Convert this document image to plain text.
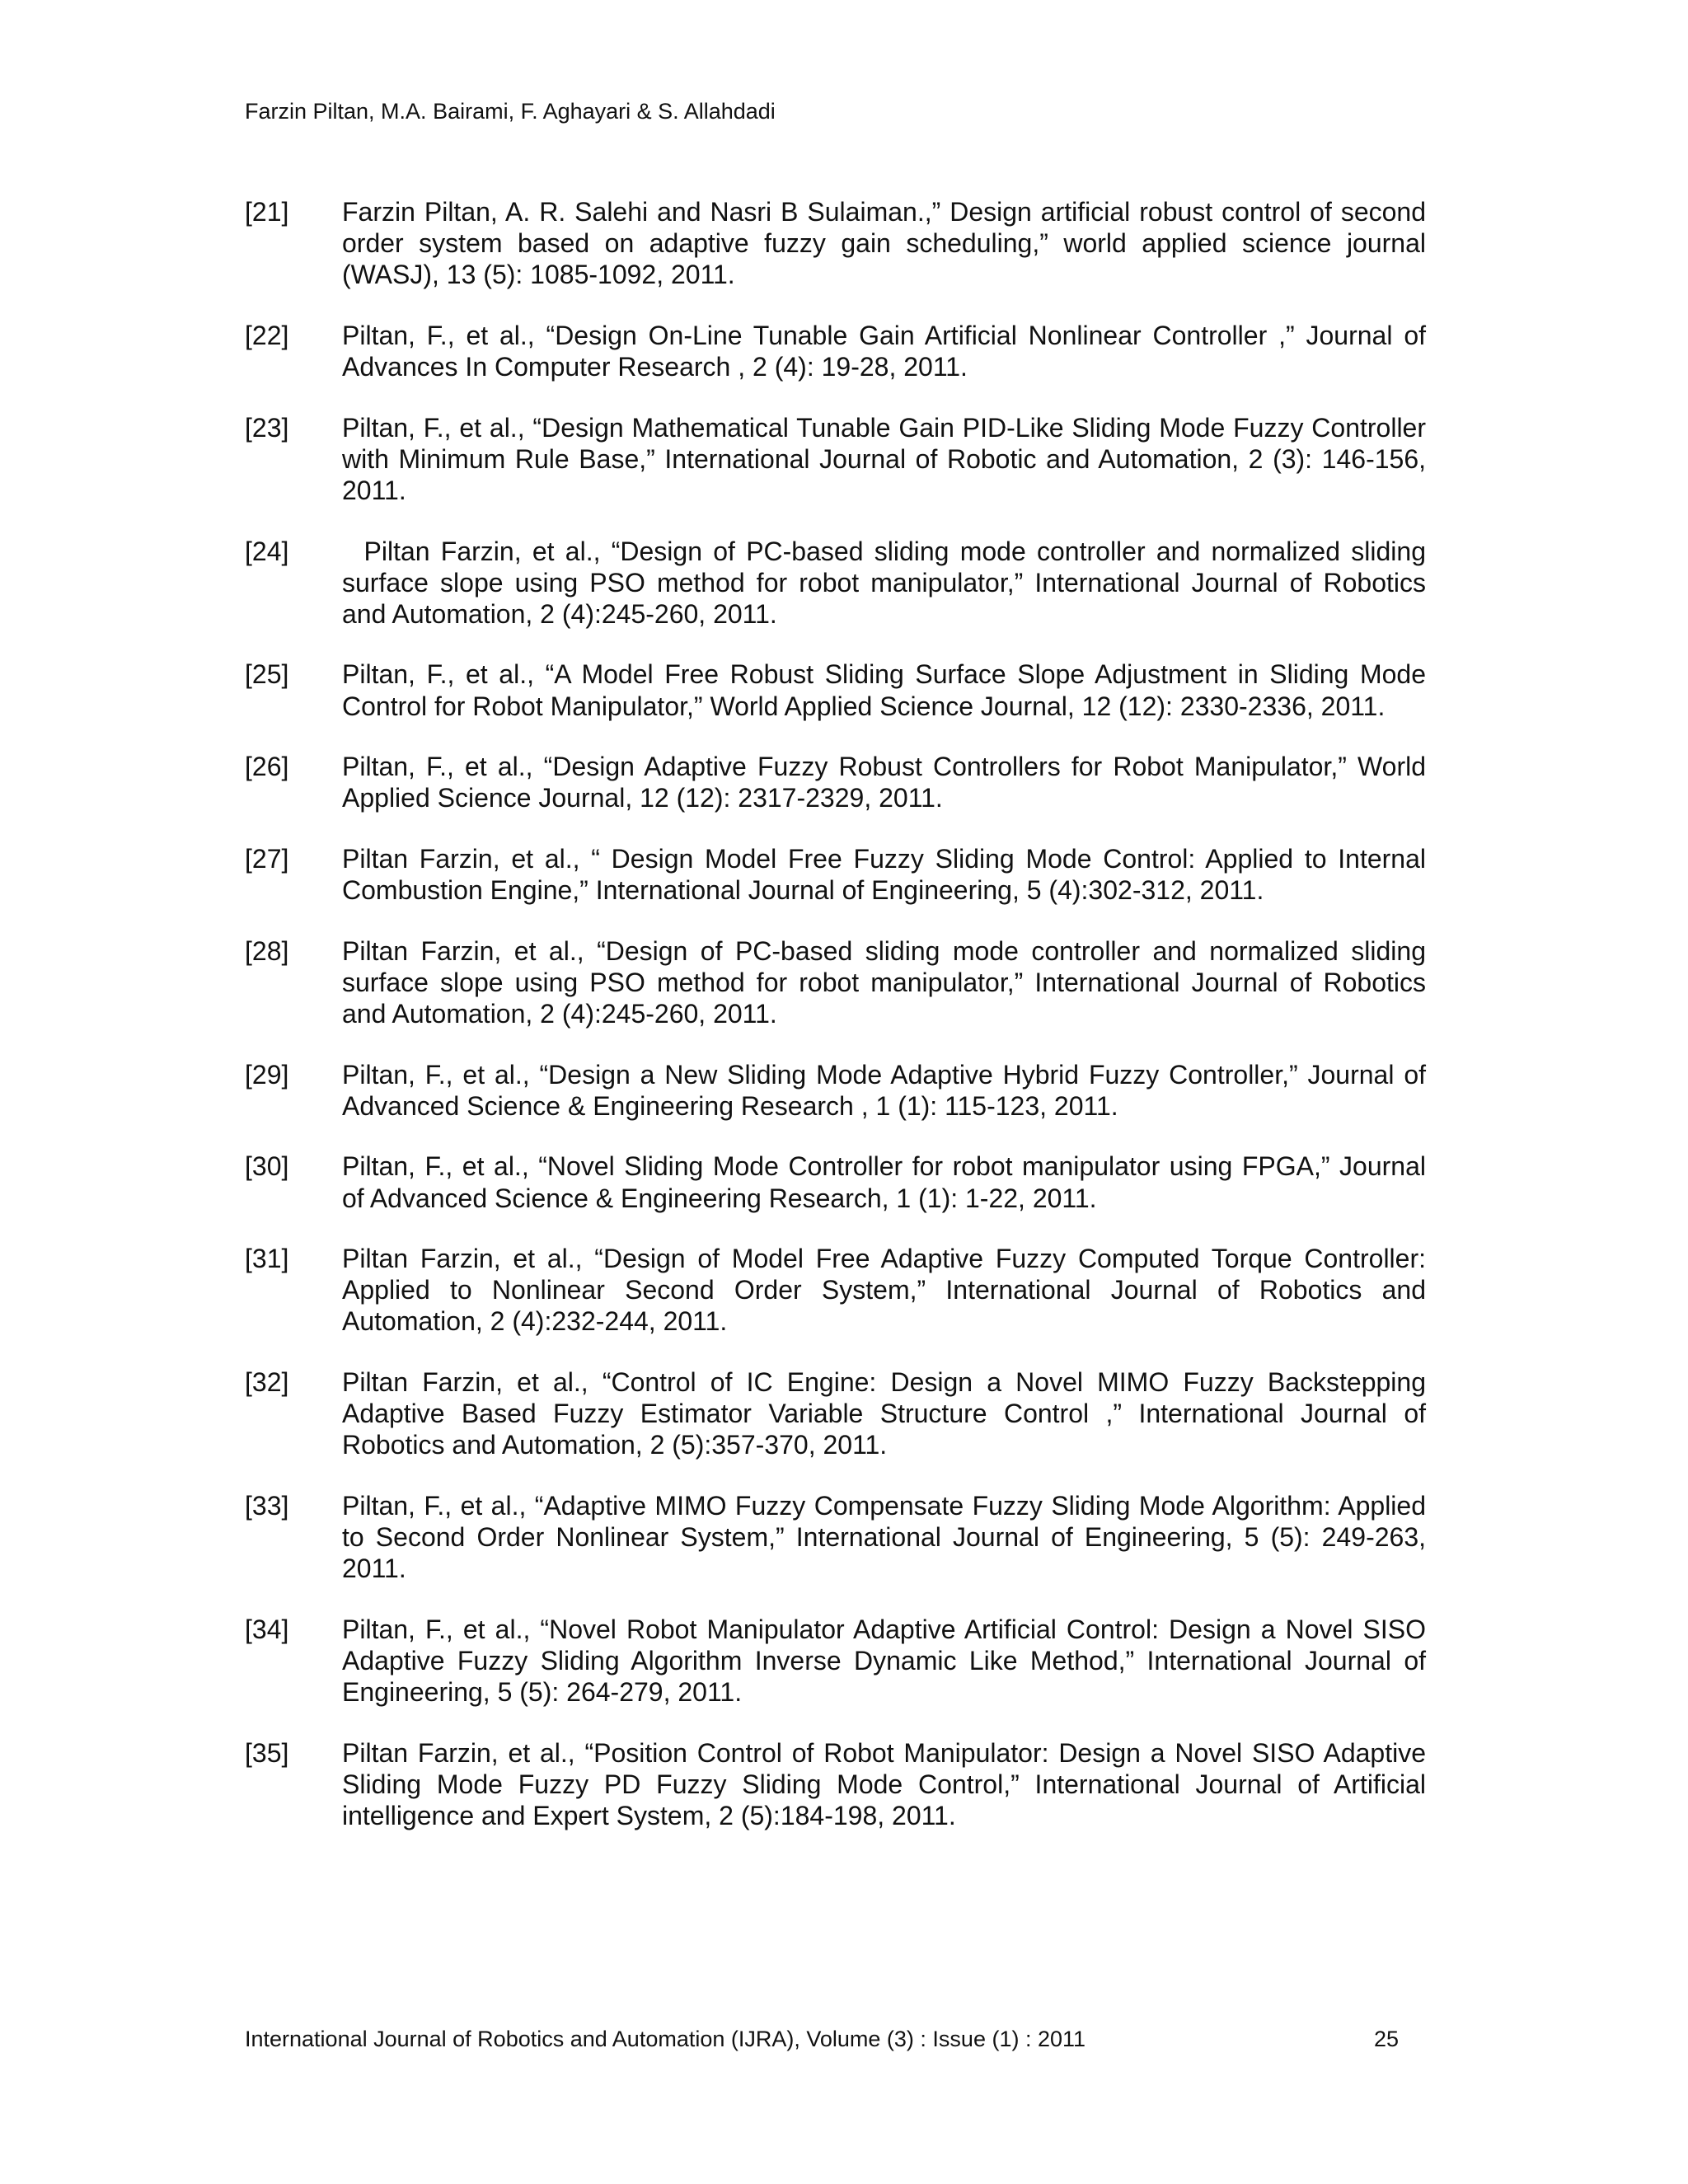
Farzin Piltan, M.A. Bairami, F. Aghayari & S. Allahdadi
[21]	Farzin Piltan, A. R. Salehi and Nasri B Sulaiman.,” Design artificial robust control of second order system based on adaptive fuzzy gain scheduling,” world applied science journal (WASJ), 13 (5): 1085-1092, 2011.
[22]	Piltan, F., et al., “Design On-Line Tunable Gain Artificial Nonlinear Controller ,” Journal of Advances In Computer Research , 2 (4): 19-28, 2011.
[23]	Piltan, F., et al., “Design Mathematical Tunable Gain PID-Like Sliding Mode Fuzzy Controller with Minimum Rule Base,” International Journal of Robotic and Automation, 2 (3): 146-156, 2011.
[24]	Piltan Farzin, et al., “Design of PC-based sliding mode controller and normalized sliding surface slope using PSO method for robot manipulator,” International Journal of Robotics and Automation, 2 (4):245-260, 2011.
[25]	Piltan, F., et al., “A Model Free Robust Sliding Surface Slope Adjustment in Sliding Mode Control for Robot Manipulator,” World Applied Science Journal, 12 (12): 2330-2336, 2011.
[26]	Piltan, F., et al., “Design Adaptive Fuzzy Robust Controllers for Robot Manipulator,” World Applied Science Journal, 12 (12): 2317-2329, 2011.
[27]	Piltan Farzin, et al., “ Design Model Free Fuzzy Sliding Mode Control: Applied to Internal Combustion Engine,” International Journal of Engineering, 5 (4):302-312, 2011.
[28]	Piltan Farzin, et al., “Design of PC-based sliding mode controller and normalized sliding surface slope using PSO method for robot manipulator,” International Journal of Robotics and Automation, 2 (4):245-260, 2011.
[29]	Piltan, F., et al., “Design a New Sliding Mode Adaptive Hybrid Fuzzy Controller,” Journal of Advanced Science & Engineering Research , 1 (1): 115-123, 2011.
[30]	Piltan, F., et al., “Novel Sliding Mode Controller for robot manipulator using FPGA,” Journal of Advanced Science & Engineering Research, 1 (1): 1-22, 2011.
[31]	Piltan Farzin, et al., “Design of Model Free Adaptive Fuzzy Computed Torque Controller: Applied to Nonlinear Second Order System,” International Journal of Robotics and Automation, 2 (4):232-244, 2011.
[32]	Piltan Farzin, et al., “Control of IC Engine: Design a Novel MIMO Fuzzy Backstepping Adaptive Based Fuzzy Estimator Variable Structure Control ,” International Journal of Robotics and Automation, 2 (5):357-370, 2011.
[33]	Piltan, F., et al., “Adaptive MIMO Fuzzy Compensate Fuzzy Sliding Mode Algorithm: Applied to Second Order Nonlinear System,” International Journal of Engineering, 5 (5): 249-263, 2011.
[34]	Piltan, F., et al., “Novel Robot Manipulator Adaptive Artificial Control: Design a Novel SISO Adaptive Fuzzy Sliding Algorithm Inverse Dynamic Like Method,” International Journal of Engineering, 5 (5): 264-279, 2011.
[35]	Piltan Farzin, et al., “Position Control of Robot Manipulator: Design a Novel SISO Adaptive Sliding Mode Fuzzy PD Fuzzy Sliding Mode Control,” International Journal of Artificial intelligence and Expert System, 2 (5):184-198, 2011.
International Journal of Robotics and Automation (IJRA), Volume (3) : Issue (1) : 2011	25
